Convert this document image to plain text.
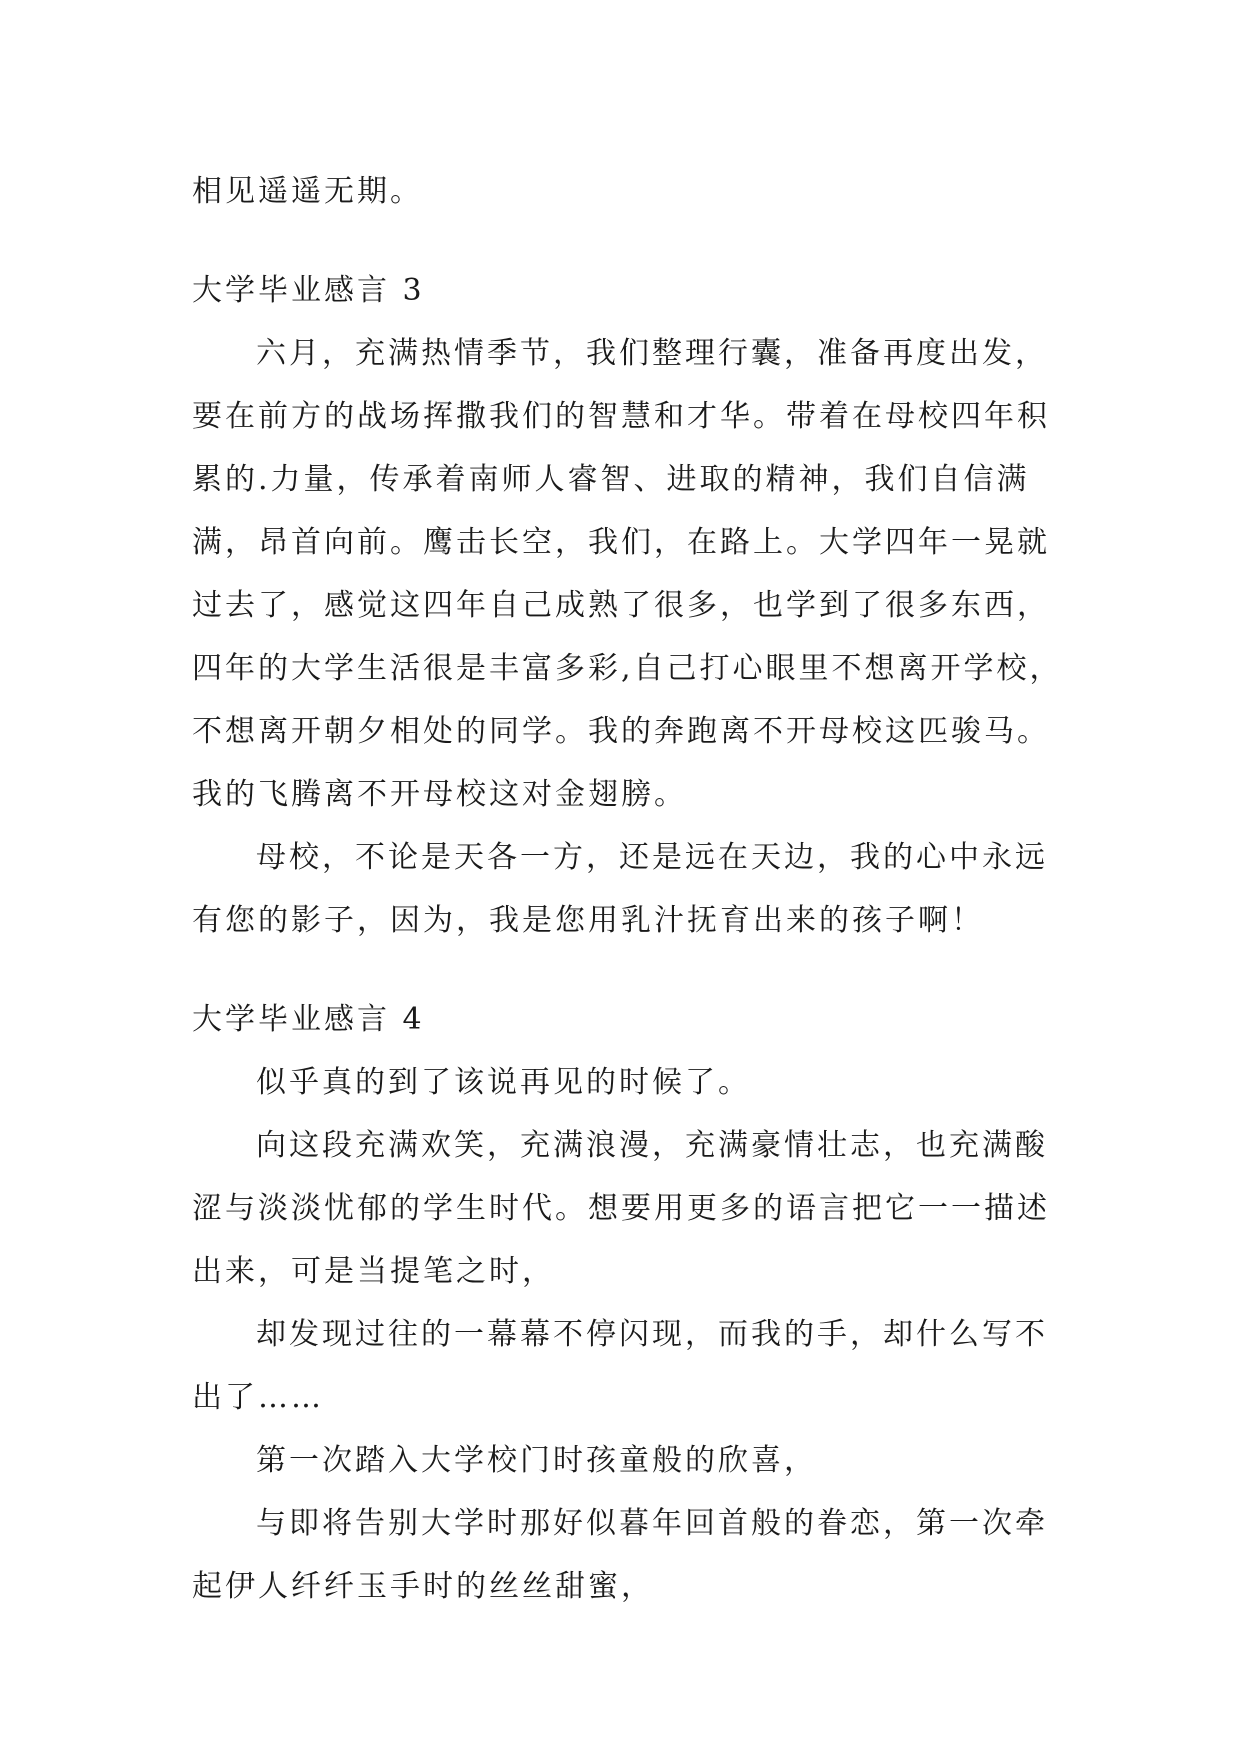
相见遥遥无期。

大学毕业感言 3

六月，充满热情季节，我们整理行囊，准备再度出发，

要在前方的战场挥撒我们的智慧和才华。带着在母校四年积

累的.力量，传承着南师人睿智、进取的精神，我们自信满

满，昂首向前。鹰击长空，我们，在路上。大学四年一晃就

过去了，感觉这四年自己成熟了很多，也学到了很多东西，

四年的大学生活很是丰富多彩,自己打心眼里不想离开学校，

不想离开朝夕相处的同学。我的奔跑离不开母校这匹骏马。

我的飞腾离不开母校这对金翅膀。

母校，不论是天各一方，还是远在天边，我的心中永远

有您的影子，因为，我是您用乳汁抚育出来的孩子啊！

大学毕业感言 4

似乎真的到了该说再见的时候了。

向这段充满欢笑，充满浪漫，充满豪情壮志，也充满酸

涩与淡淡忧郁的学生时代。想要用更多的语言把它一一描述

出来，可是当提笔之时，

却发现过往的一幕幕不停闪现，而我的手，却什么写不

出了……

第一次踏入大学校门时孩童般的欣喜，

与即将告别大学时那好似暮年回首般的眷恋，第一次牵

起伊人纤纤玉手时的丝丝甜蜜，
